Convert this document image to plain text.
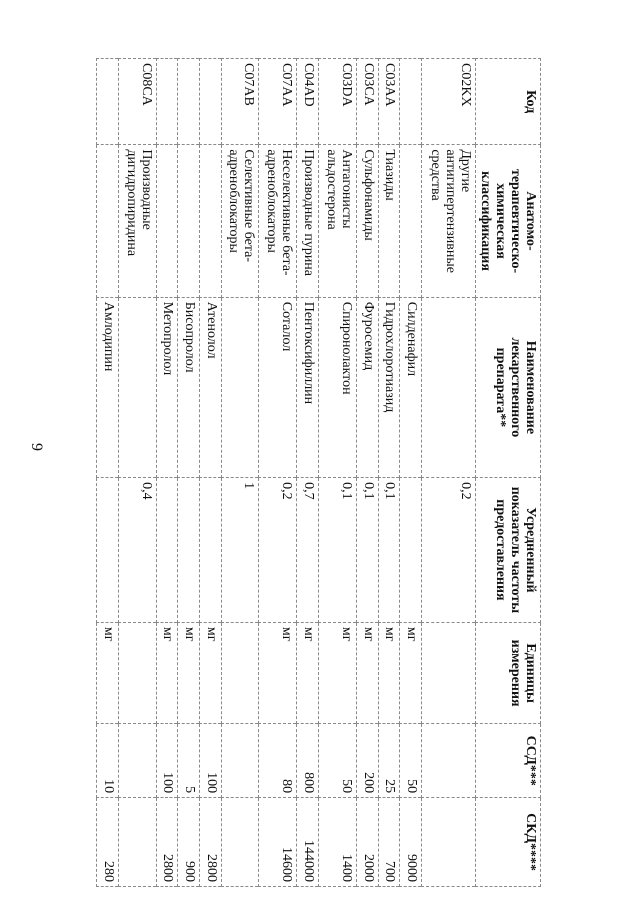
9
Код	Анатомо-терапевтическо-химическая классификация	Наименование лекарственного препарата**	Усредненный показатель частоты предоставления	Единицы измерения	ССД***	СКД****
C02KX	Другие антигипертензивные средства		0,2			
		Силденафил		мг	50	9000
C03AA	Тиазиды	Гидрохлоротиазид	0,1	мг	25	700
C03CA	Сульфонамиды	Фуросемид	0,1	мг	200	2000
C03DA	Антагонисты альдостерона	Спиронолактон	0,1	мг	50	1400
C04AD	Производные пурина	Пентоксифиллин	0,7	мг	800	144000
C07AA	Неселективные бета-адреноблокаторы	Соталол	0,2	мг	80	14600
C07AB	Селективные бета-адреноблокаторы		1			
		Атенолол		мг	100	2800
		Бисопролол		мг	5	900
		Метопролол		мг	100	2800
C08CA	Производные дигидропиридина		0,4			
		Амлодипин		мг	10	280
